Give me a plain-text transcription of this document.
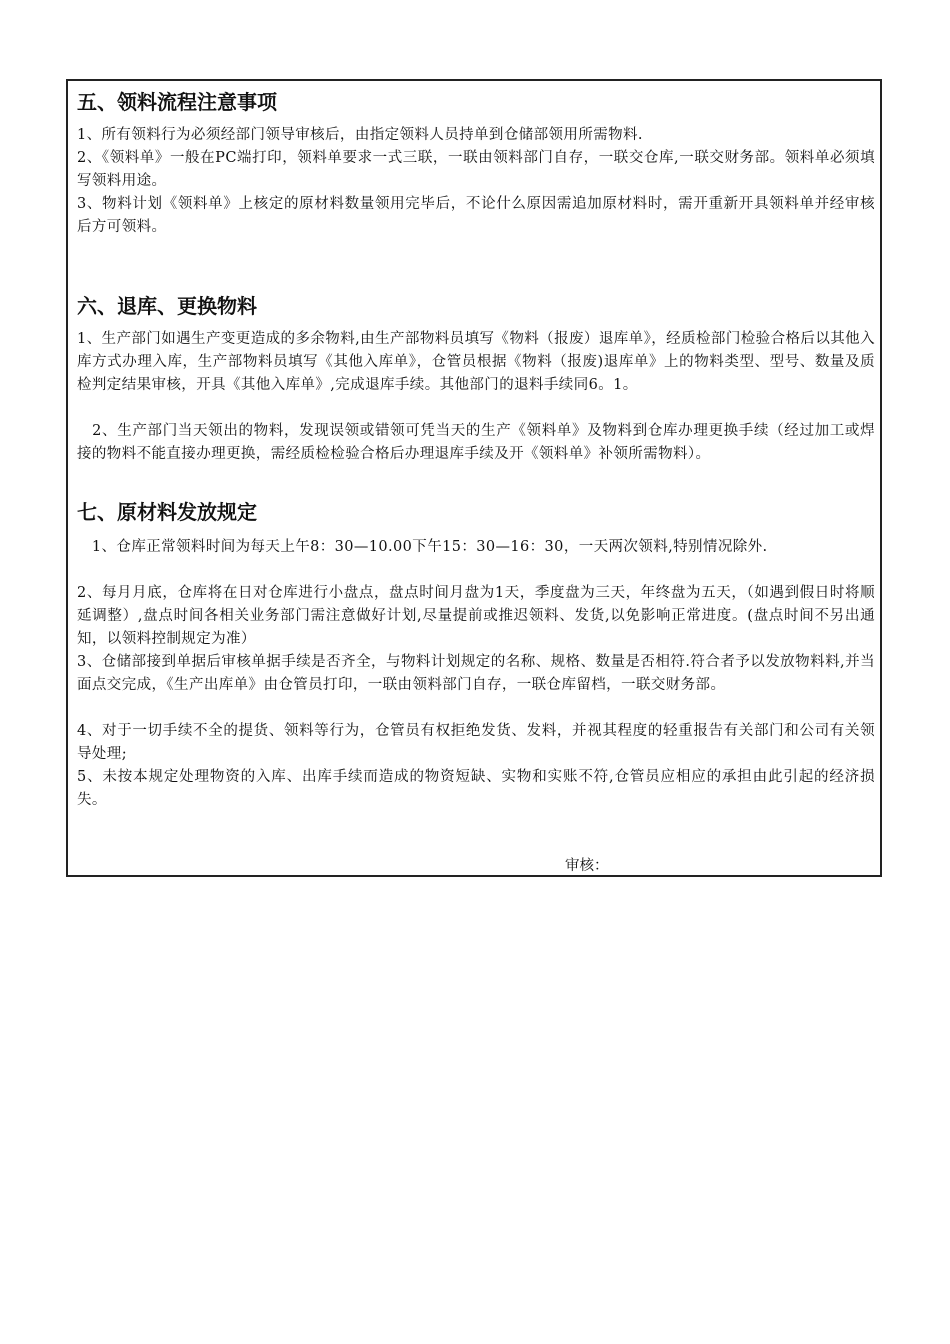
五、领料流程注意事项
1、所有领料行为必须经部门领导审核后，由指定领料人员持单到仓储部领用所需物料.
2、《领料单》一般在PC端打印，领料单要求一式三联，一联由领料部门自存，一联交仓库,一联交财务部。领料单必须填写领料用途。
3、物料计划《领料单》上核定的原材料数量领用完毕后，不论什么原因需追加原材料时，需开重新开具领料单并经审核后方可领料。
六、退库、更换物料
1、生产部门如遇生产变更造成的多余物料,由生产部物料员填写《物料（报废）退库单》，经质检部门检验合格后以其他入库方式办理入库，生产部物料员填写《其他入库单》，仓管员根据《物料（报废)退库单》上的物料类型、型号、数量及质检判定结果审核，开具《其他入库单》,完成退库手续。其他部门的退料手续同6。1。
　2、生产部门当天领出的物料，发现误领或错领可凭当天的生产《领料单》及物料到仓库办理更换手续（经过加工或焊接的物料不能直接办理更换，需经质检检验合格后办理退库手续及开《领料单》补领所需物料）。
七、原材料发放规定
　1、仓库正常领料时间为每天上午8：30—10.00下午15：30—16：30，一天两次领料,特别情况除外.
2、每月月底，仓库将在日对仓库进行小盘点，盘点时间月盘为1天，季度盘为三天，年终盘为五天，（如遇到假日时将顺延调整）,盘点时间各相关业务部门需注意做好计划,尽量提前或推迟领料、发货,以免影响正常进度。(盘点时间不另出通知，以领料控制规定为准）
3、仓储部接到单据后审核单据手续是否齐全，与物料计划规定的名称、规格、数量是否相符.符合者予以发放物料料,并当面点交完成，《生产出库单》由仓管员打印，一联由领料部门自存，一联仓库留档，一联交财务部。
4、对于一切手续不全的提货、领料等行为，仓管员有权拒绝发货、发料，并视其程度的轻重报告有关部门和公司有关领导处理;
5、未按本规定处理物资的入库、出库手续而造成的物资短缺、实物和实账不符,仓管员应相应的承担由此引起的经济损失。
审核：
